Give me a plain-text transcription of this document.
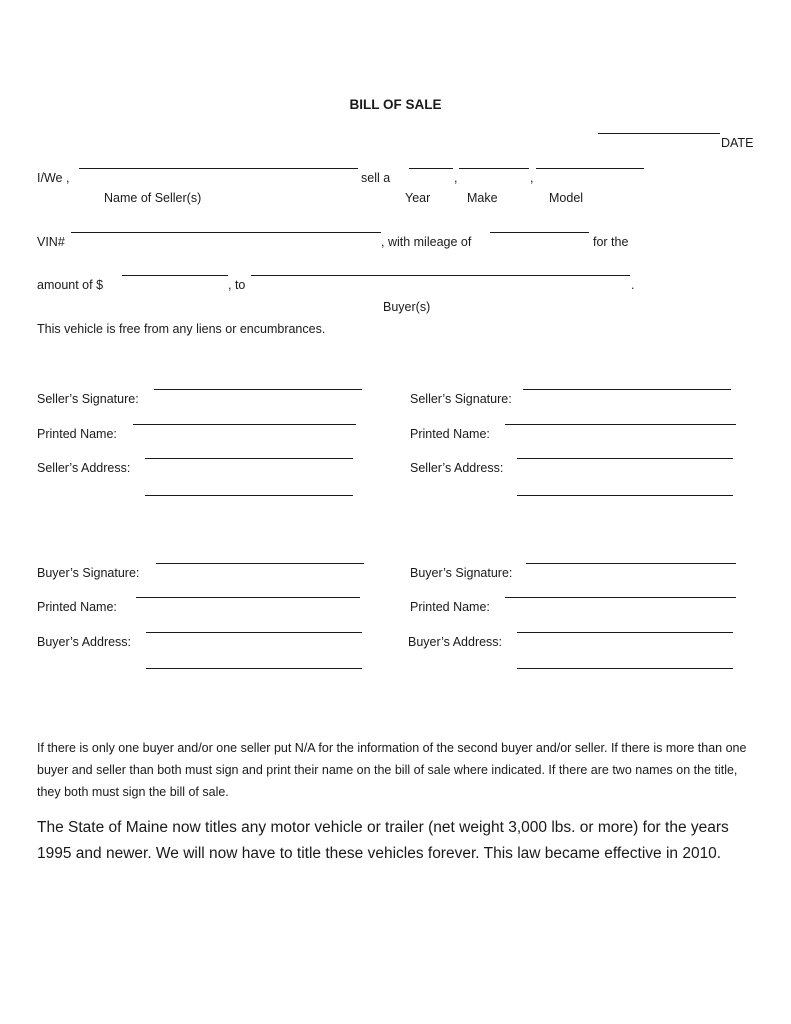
BILL OF SALE
DATE
I/We ,	sell a	,	,
Name of Seller(s)	Year	Make	Model
VIN#	, with mileage of	for the
amount of $	, to	.
Buyer(s)
This vehicle is free from any liens or encumbrances.
Seller’s Signature:
Printed Name:
Seller’s Address:
Seller’s Signature:
Printed Name:
Seller’s Address:
Buyer’s Signature:
Printed Name:
Buyer’s Address:
Buyer’s Signature:
Printed Name:
Buyer’s Address:
If there is only one buyer and/or one seller put N/A for the information of the second buyer and/or seller. If there is more than one buyer and seller than both must sign and print their name on the bill of sale where indicated. If there are two names on the title, they both must sign the bill of sale.
The State of Maine now titles any motor vehicle or trailer (net weight 3,000 lbs. or more) for the years 1995 and newer. We will now have to title these vehicles forever. This law became effective in 2010.
